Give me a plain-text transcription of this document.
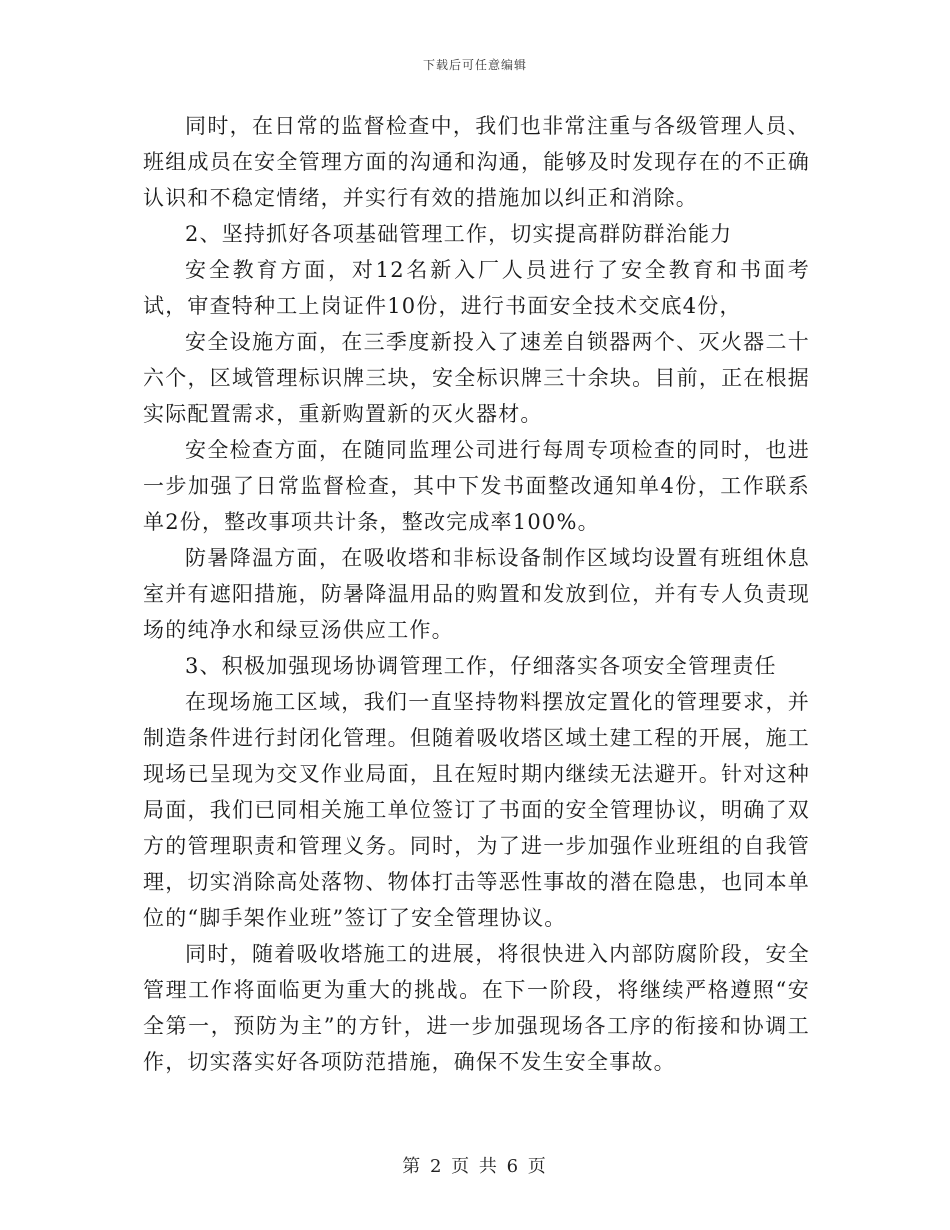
下载后可任意编辑

同时，在日常的监督检查中，我们也非常注重与各级管理人员、班组成员在安全管理方面的沟通和沟通，能够及时发现存在的不正确认识和不稳定情绪，并实行有效的措施加以纠正和消除。

2、坚持抓好各项基础管理工作，切实提高群防群治能力

安全教育方面，对12名新入厂人员进行了安全教育和书面考试，审查特种工上岗证件10份，进行书面安全技术交底4份，

安全设施方面，在三季度新投入了速差自锁器两个、灭火器二十六个，区域管理标识牌三块，安全标识牌三十余块。目前，正在根据实际配置需求，重新购置新的灭火器材。

安全检查方面，在随同监理公司进行每周专项检查的同时，也进一步加强了日常监督检查，其中下发书面整改通知单4份，工作联系单2份，整改事项共计条，整改完成率100%。

防暑降温方面，在吸收塔和非标设备制作区域均设置有班组休息室并有遮阳措施，防暑降温用品的购置和发放到位，并有专人负责现场的纯净水和绿豆汤供应工作。

3、积极加强现场协调管理工作，仔细落实各项安全管理责任

在现场施工区域，我们一直坚持物料摆放定置化的管理要求，并制造条件进行封闭化管理。但随着吸收塔区域土建工程的开展，施工现场已呈现为交叉作业局面，且在短时期内继续无法避开。针对这种局面，我们已同相关施工单位签订了书面的安全管理协议，明确了双方的管理职责和管理义务。同时，为了进一步加强作业班组的自我管理，切实消除高处落物、物体打击等恶性事故的潜在隐患，也同本单位的“脚手架作业班”签订了安全管理协议。

同时，随着吸收塔施工的进展，将很快进入内部防腐阶段，安全管理工作将面临更为重大的挑战。在下一阶段，将继续严格遵照“安全第一，预防为主”的方针，进一步加强现场各工序的衔接和协调工作，切实落实好各项防范措施，确保不发生安全事故。

第 2 页 共 6 页
